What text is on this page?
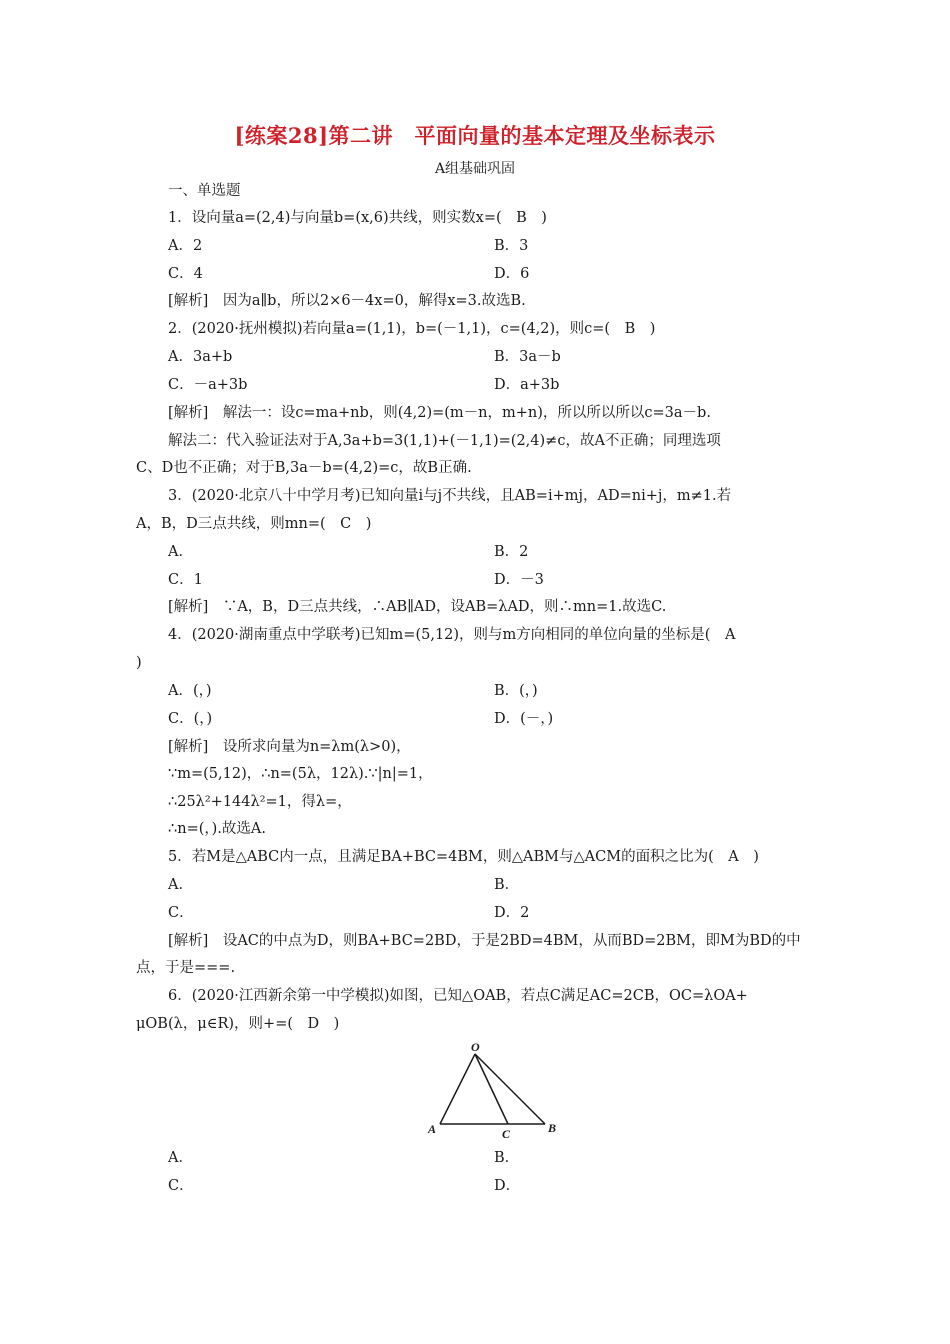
[练案28]第二讲　平面向量的基本定理及坐标表示
A组基础巩固
一、单选题
1．设向量a=(2,4)与向量b=(x,6)共线，则实数x=(　B　)
A．2	B．3
C．4	D．6
[解析]　因为a∥b，所以2×6－4x=0，解得x=3.故选B.
2．(2020·抚州模拟)若向量a=(1,1)，b=(－1,1)，c=(4,2)，则c=(　B　)
A．3a+b	B．3a－b
C．－a+3b	D．a+3b
[解析]　解法一：设c=ma+nb，则(4,2)=(m－n，m+n)，所以所以所以c=3a－b.
解法二：代入验证法对于A,3a+b=3(1,1)+(－1,1)=(2,4)≠c，故A不正确；同理选项
C、D也不正确；对于B,3a－b=(4,2)=c，故B正确.
3．(2020·北京八十中学月考)已知向量i与j不共线，且AB=i+mj，AD=ni+j，m≠1.若
A，B，D三点共线，则mn=(　C　)
A．	B．2
C．1	D．－3
[解析]　∵A，B，D三点共线，∴AB∥AD，设AB=λAD，则∴mn=1.故选C.
4．(2020·湖南重点中学联考)已知m=(5,12)，则与m方向相同的单位向量的坐标是(　A
)
A．(，)	B．(，)
C．(，)	D．(－，)
[解析]　设所求向量为n=λm(λ>0)，
∵m=(5,12)，∴n=(5λ，12λ).∵|n|=1，
∴25λ²+144λ²=1，得λ=，
∴n=(，).故选A.
5．若M是△ABC内一点，且满足BA+BC=4BM，则△ABM与△ACM的面积之比为(　A　)
A．	B．
C．	D．2
[解析]　设AC的中点为D，则BA+BC=2BD，于是2BD=4BM，从而BD=2BM，即M为BD的中
点，于是===.
6．(2020·江西新余第一中学模拟)如图，已知△OAB，若点C满足AC=2CB，OC=λOA+
μOB(λ，μ∈R)，则+=(　D　)
O
A	B
C
A．	B．
C．	D．
